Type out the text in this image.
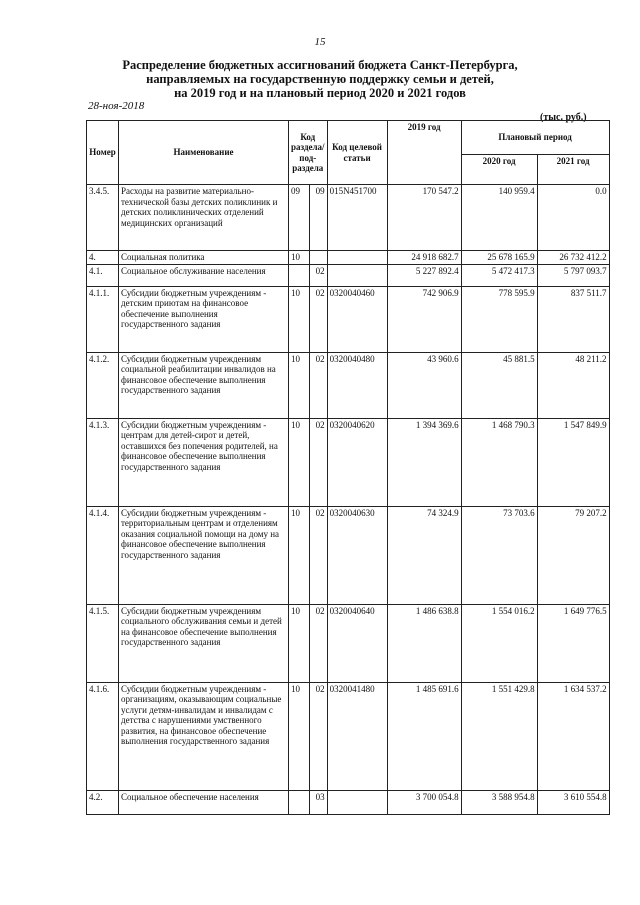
15
Распределение бюджетных ассигнований бюджета Санкт-Петербурга,
направляемых на государственную поддержку семьи и детей,
на 2019 год и на плановый период 2020 и 2021 годов
28-ноя-2018
(тыс. руб.)
Номер	Наименование	Код раздела/ под- раздела		Код целевой статьи	2019 год	Плановый период	
						2020 год	2021 год
3.4.5.	Расходы на развитие материально-технической базы детских поликлиник и детских поликлинических отделений медицинских организаций	09	09	015N451700	170 547.2	140 959.4	0.0
4.	Социальная политика	10			24 918 682.7	25 678 165.9	26 732 412.2
4.1.	Социальное обслуживание населения		02		5 227 892.4	5 472 417.3	5 797 093.7
4.1.1.	Субсидии бюджетным учреждениям - детским приютам на финансовое обеспечение выполнения государственного задания	10	02	0320040460	742 906.9	778 595.9	837 511.7
4.1.2.	Субсидии бюджетным учреждениям социальной реабилитации инвалидов на финансовое обеспечение выполнения государственного задания	10	02	0320040480	43 960.6	45 881.5	48 211.2
4.1.3.	Субсидии бюджетным учреждениям - центрам для детей-сирот и детей, оставшихся без попечения родителей, на финансовое обеспечение выполнения государственного задания	10	02	0320040620	1 394 369.6	1 468 790.3	1 547 849.9
4.1.4.	Субсидии бюджетным учреждениям - территориальным центрам и отделениям оказания социальной помощи на дому на финансовое обеспечение выполнения государственного задания	10	02	0320040630	74 324.9	73 703.6	79 207.2
4.1.5.	Субсидии бюджетным учреждениям социального обслуживания семьи и детей на финансовое обеспечение выполнения государственного задания	10	02	0320040640	1 486 638.8	1 554 016.2	1 649 776.5
4.1.6.	Субсидии бюджетным учреждениям - организациям, оказывающим социальные услуги детям-инвалидам и инвалидам с детства с нарушениями умственного развития, на финансовое обеспечение выполнения государственного задания	10	02	0320041480	1 485 691.6	1 551 429.8	1 634 537.2
4.2.	Социальное обеспечение населения		03		3 700 054.8	3 588 954.8	3 610 554.8
